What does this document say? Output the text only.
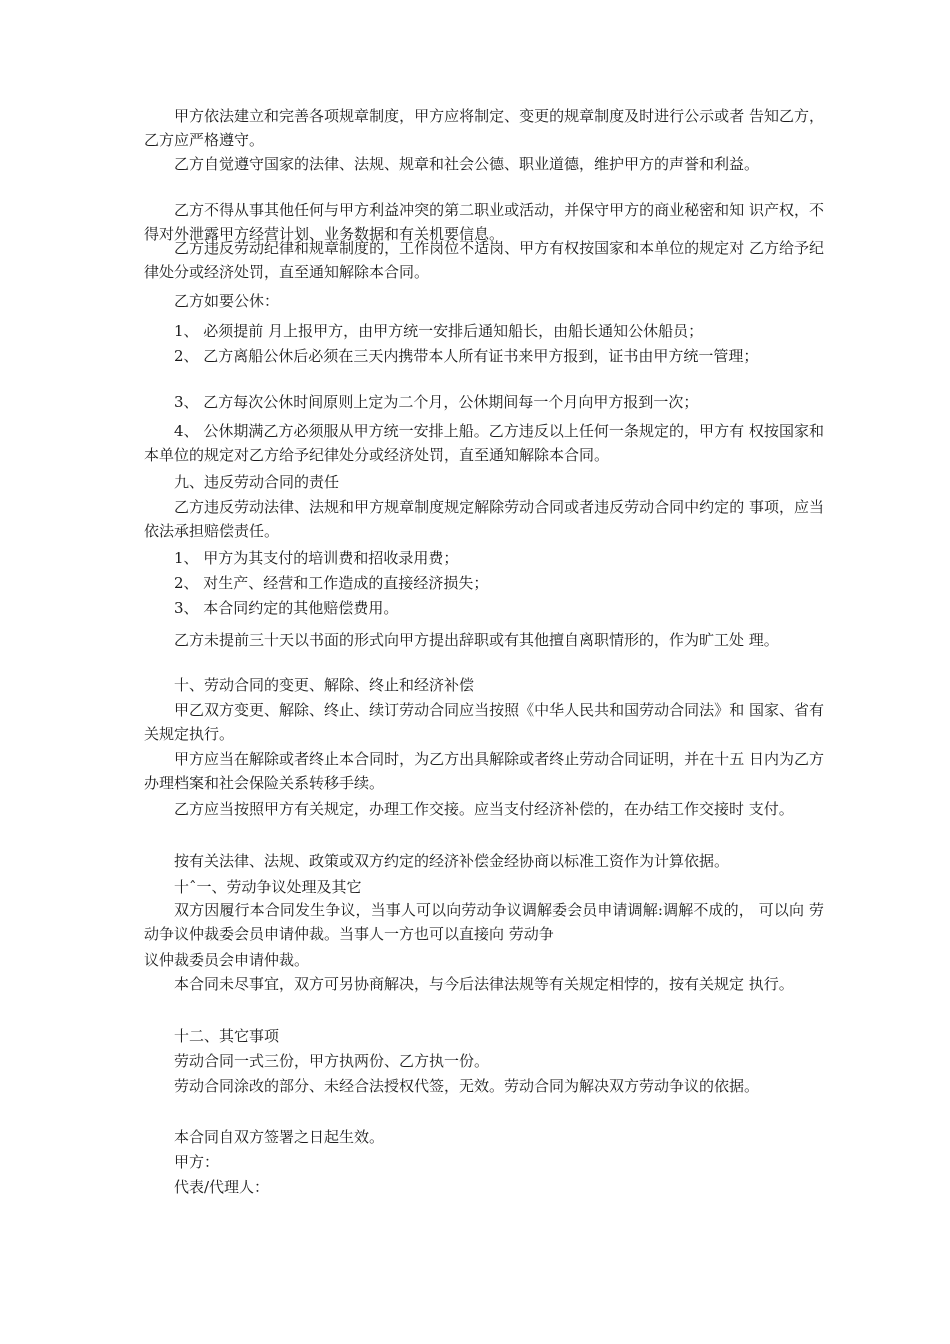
甲方依法建立和完善各项规章制度，甲方应将制定、变更的规章制度及时进行公示或者 告知乙方，乙方应严格遵守。
乙方自觉遵守国家的法律、法规、规章和社会公德、职业道德，维护甲方的声誉和利益。
乙方不得从事其他任何与甲方利益冲突的第二职业或活动，并保守甲方的商业秘密和知 识产权，不得对外泄露甲方经营计划、业务数据和有关机要信息。
乙方违反劳动纪律和规章制度的，工作岗位不适岗、甲方有权按国家和本单位的规定对 乙方给予纪律处分或经济处罚，直至通知解除本合同。
乙方如要公休：
1、 必须提前 月上报甲方，由甲方统一安排后通知船长，由船长通知公休船员；
2、 乙方离船公休后必须在三天内携带本人所有证书来甲方报到，证书由甲方统一管理；
3、 乙方每次公休时间原则上定为二个月，公休期间每一个月向甲方报到一次；
4、 公休期满乙方必须服从甲方统一安排上船。乙方违反以上任何一条规定的，甲方有 权按国家和本单位的规定对乙方给予纪律处分或经济处罚，直至通知解除本合同。
九、违反劳动合同的责任
乙方违反劳动法律、法规和甲方规章制度规定解除劳动合同或者违反劳动合同中约定的 事项，应当依法承担赔偿责任。
1、 甲方为其支付的培训费和招收录用费；
2、 对生产、经营和工作造成的直接经济损失；
3、 本合同约定的其他赔偿费用。
乙方未提前三十天以书面的形式向甲方提出辞职或有其他擅自离职情形的，作为旷工处 理。
十、劳动合同的变更、解除、终止和经济补偿
甲乙双方变更、解除、终止、续订劳动合同应当按照《中华人民共和国劳动合同法》和 国家、省有关规定执行。
甲方应当在解除或者终止本合同时，为乙方出具解除或者终止劳动合同证明，并在十五 日内为乙方办理档案和社会保险关系转移手续。
乙方应当按照甲方有关规定，办理工作交接。应当支付经济补偿的，在办结工作交接时 支付。
按有关法律、法规、政策或双方约定的经济补偿金经协商以标准工资作为计算依据。
十ˆ一、劳动争议处理及其它
双方因履行本合同发生争议，当事人可以向劳动争议调解委会员申请调解:调解不成的， 可以向 劳动争议仲裁委会员申请仲裁。当事人一方也可以直接向 劳动争
议仲裁委员会申请仲裁。
本合同未尽事宜，双方可另协商解决，与今后法律法规等有关规定相悖的，按有关规定 执行。
十二、其它事项
劳动合同一式三份，甲方执两份、乙方执一份。
劳动合同涂改的部分、未经合法授权代签，无效。劳动合同为解决双方劳动争议的依据。
本合同自双方签署之日起生效。
甲方：
代表/代理人：
